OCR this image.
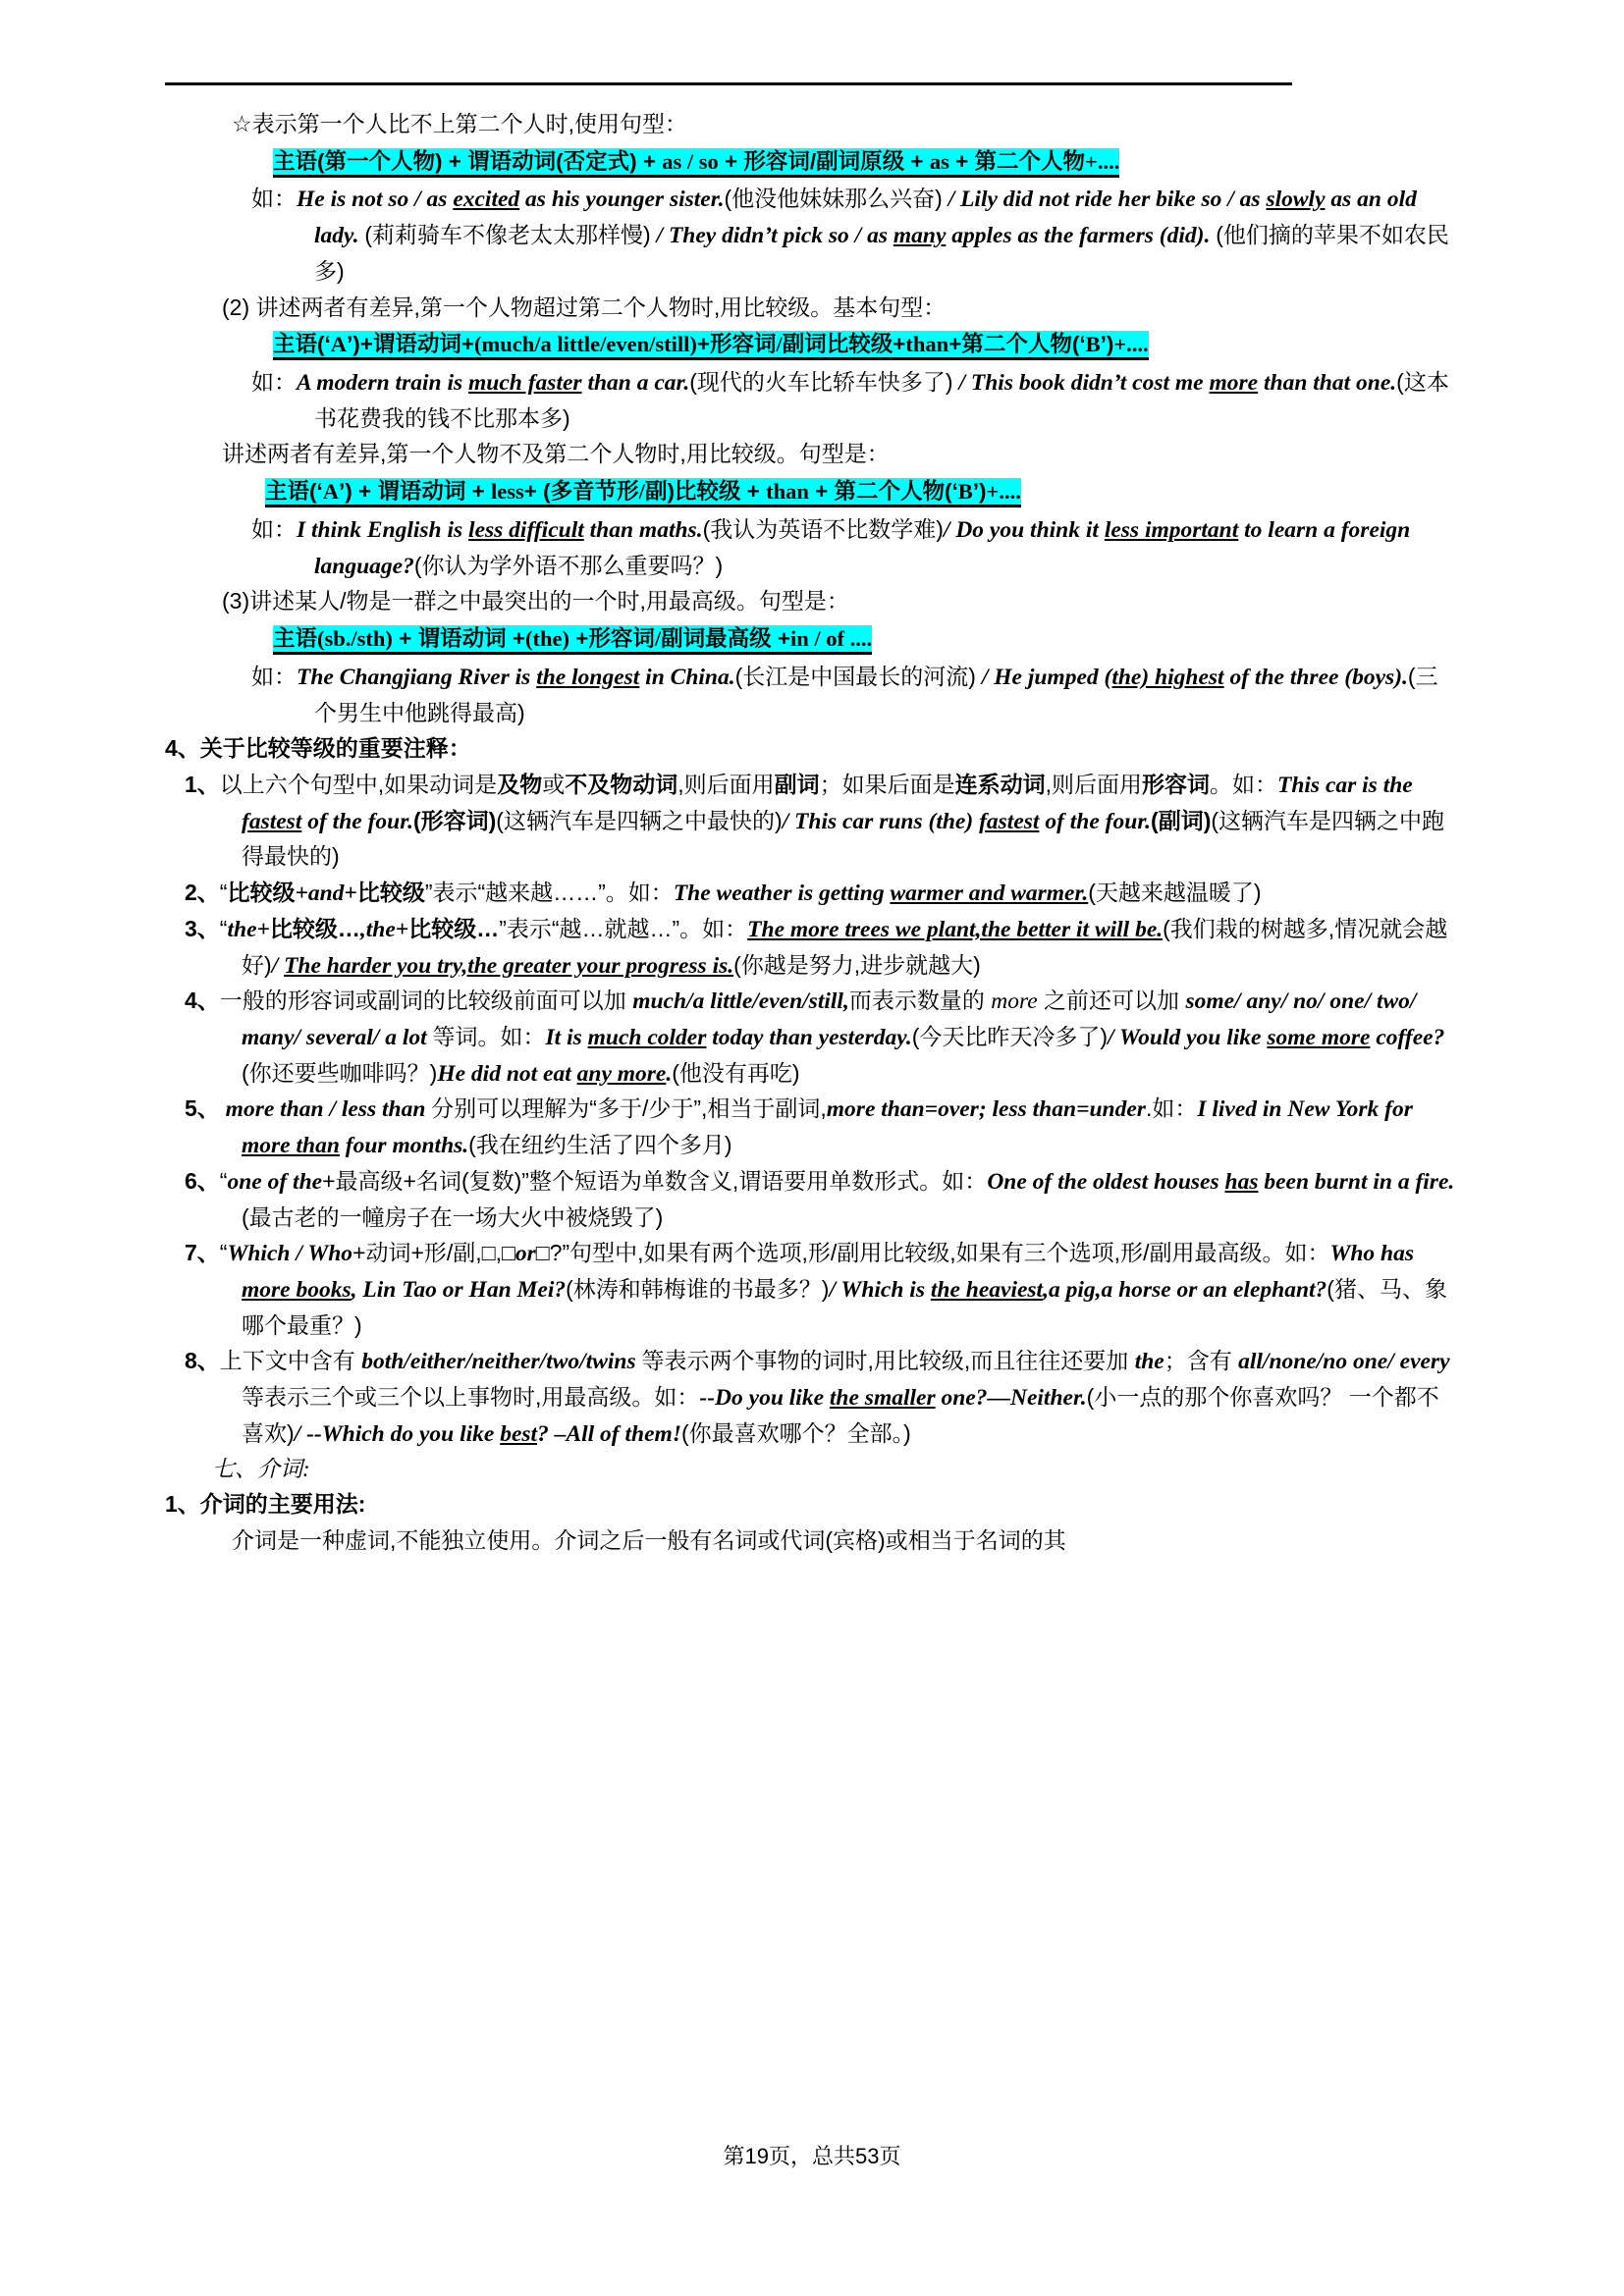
☆表示第一个人比不上第二个人时,使用句型：

主语(第一个人物) + 谓语动词(否定式) + as / so + 形容词/副词原级 + as + 第二个人物+....

如：He is not so / as excited as his younger sister.(他没他妹妹那么兴奋) / Lily did not ride her bike so / as slowly as an old lady. (莉莉骑车不像老太太那样慢) / They didn’t pick so / as many apples as the farmers (did). (他们摘的苹果不如农民多)

(2) 讲述两者有差异,第一个人物超过第二个人物时,用比较级。基本句型：

主语(‘A’)+谓语动词+(much/a little/even/still)+形容词/副词比较级+than+第二个人物(‘B’)+....

如：A modern train is much faster than a car.(现代的火车比轿车快多了) / This book didn’t cost me more than that one.(这本书花费我的钱不比那本多)

讲述两者有差异,第一个人物不及第二个人物时,用比较级。句型是：

主语(‘A’) + 谓语动词 + less+ (多音节形/副)比较级 + than + 第二个人物(‘B’)+....

如：I think English is less difficult than maths.(我认为英语不比数学难)/ Do you think it less important to learn a foreign language?(你认为学外语不那么重要吗？)

(3)讲述某人/物是一群之中最突出的一个时,用最高级。句型是：

主语(sb./sth) + 谓语动词 +(the) +形容词/副词最高级 +in / of ....

如：The Changjiang River is the longest in China.(长江是中国最长的河流) / He jumped (the) highest of the three (boys).(三个男生中他跳得最高)

4、关于比较等级的重要注释：

1、以上六个句型中,如果动词是及物或不及物动词,则后面用副词；如果后面是连系动词,则后面用形容词。如：This car is the fastest of the four.(形容词)(这辆汽车是四辆之中最快的)/ This car runs (the) fastest of the four.(副词)(这辆汽车是四辆之中跑得最快的)

2、“比较级+and+比较级”表示“越来越……”。如：The weather is getting warmer and warmer.(天越来越温暖了)

3、“the+比较级…,the+比较级…”表示“越…就越…”。如：The more trees we plant,the better it will be.(我们栽的树越多,情况就会越好)/ The harder you try,the greater your progress is.(你越是努力,进步就越大)

4、一般的形容词或副词的比较级前面可以加 much/a little/even/still,而表示数量的 more 之前还可以加 some/ any/ no/ one/ two/ many/ several/ a lot 等词。如：It is much colder today than yesterday.(今天比昨天冷多了)/ Would you like some more coffee?(你还要些咖啡吗？)He did not eat any more.(他没有再吃)

5、 more than / less than 分别可以理解为“多于/少于”,相当于副词,more than=over; less than=under.如：I lived in New York for more than four months.(我在纽约生活了四个多月)

6、“one of the+最高级+名词(复数)”整个短语为单数含义,谓语要用单数形式。如：One of the oldest houses has been burnt in a fire.(最古老的一幢房子在一场大火中被烧毁了)

7、“Which / Who+动词+形/副,□,□or□?”句型中,如果有两个选项,形/副用比较级,如果有三个选项,形/副用最高级。如：Who has more books, Lin Tao or Han Mei?(林涛和韩梅谁的书最多？)/ Which is the heaviest,a pig,a horse or an elephant?(猪、马、象哪个最重？)

8、上下文中含有 both/either/neither/two/twins 等表示两个事物的词时,用比较级,而且往往还要加 the；含有 all/none/no one/ every 等表示三个或三个以上事物时,用最高级。如：--Do you like the smaller one?—Neither.(小一点的那个你喜欢吗？ 一个都不喜欢)/ --Which do you like best? –All of them!(你最喜欢哪个？全部。)

七、介词:

1、介词的主要用法:

介词是一种虚词,不能独立使用。介词之后一般有名词或代词(宾格)或相当于名词的其

第19页，总共53页
